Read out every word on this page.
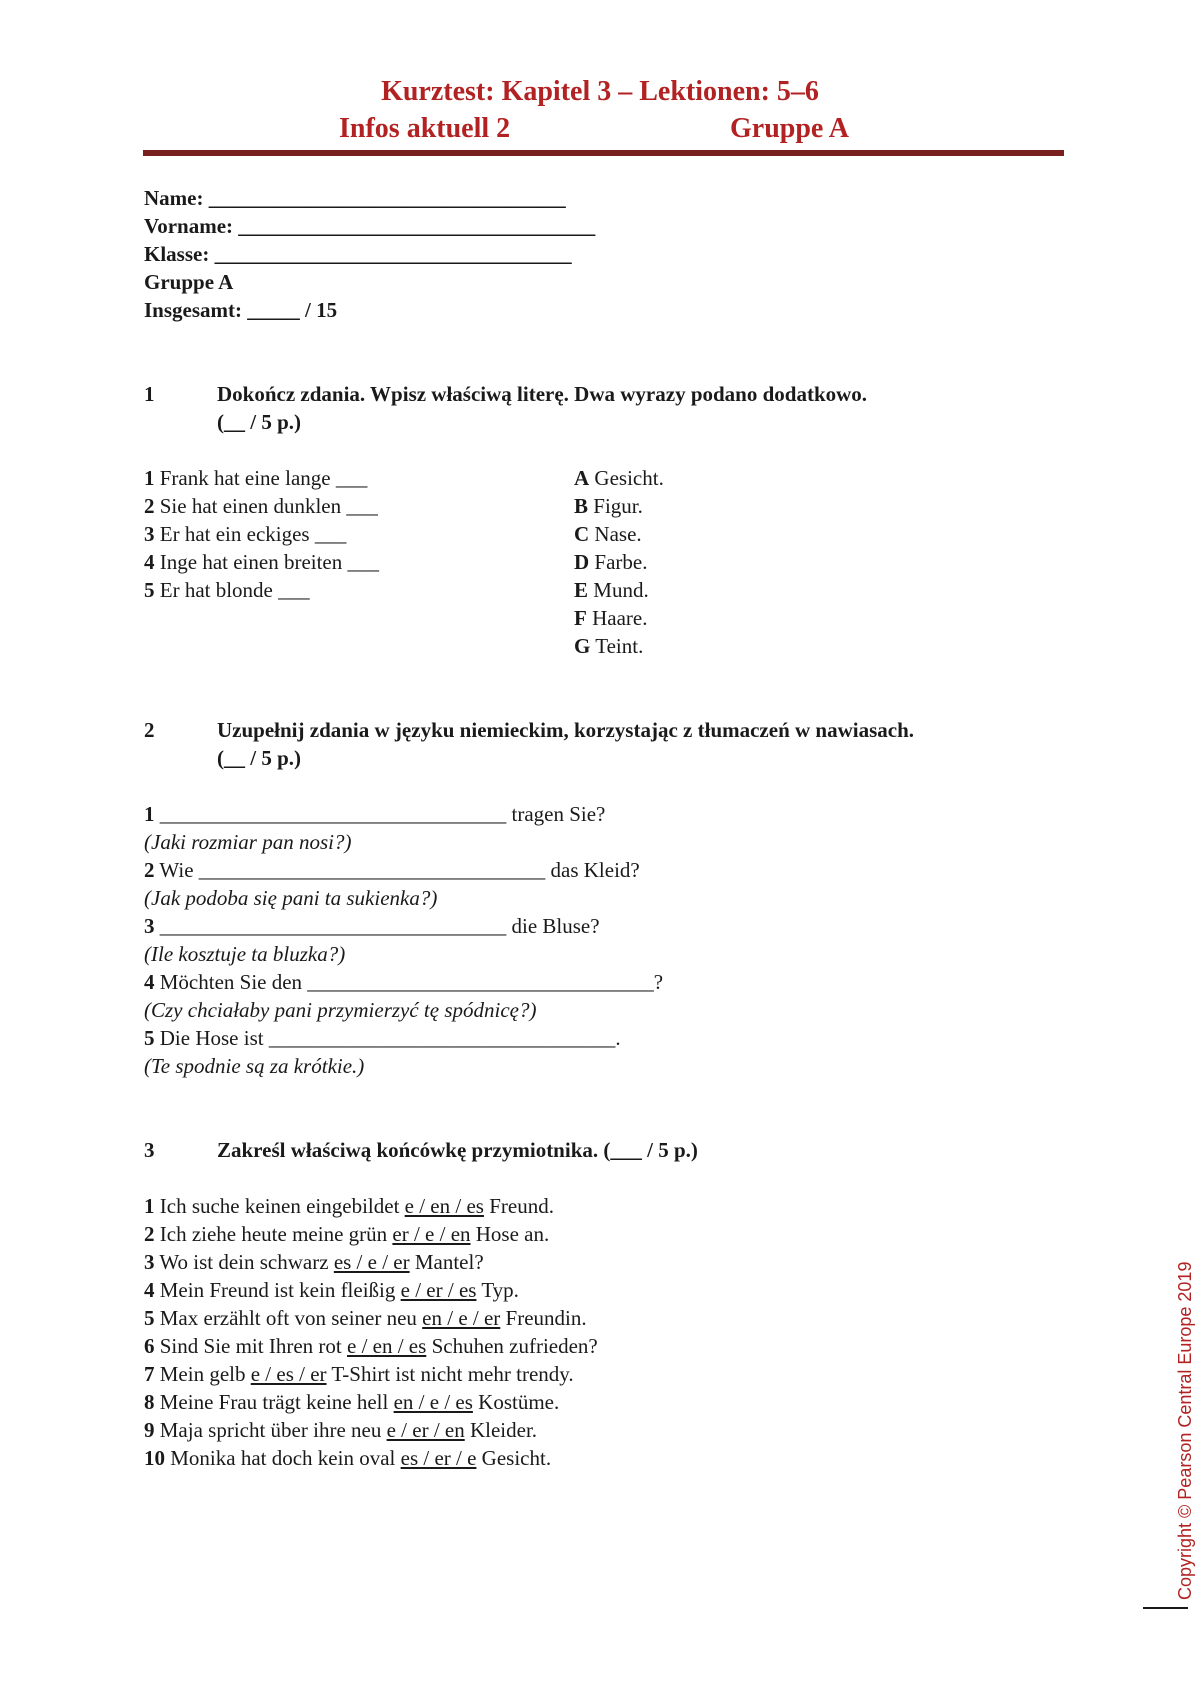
Kurztest: Kapitel 3 – Lektionen: 5–6
Infos aktuell 2	Gruppe A
Name: __________________________________
Vorname: __________________________________
Klasse: __________________________________
Gruppe A
Insgesamt: _____ / 15
1	Dokończ zdania. Wpisz właściwą literę. Dwa wyrazy podano dodatkowo.
(__ / 5 p.)
1 Frank hat eine lange ___
2 Sie hat einen dunklen ___
3 Er hat ein eckiges ___
4 Inge hat einen breiten ___
5 Er hat blonde ___
A Gesicht.
B Figur.
C Nase.
D Farbe.
E Mund.
F Haare.
G Teint.
2	Uzupełnij zdania w języku niemieckim, korzystając z tłumaczeń w nawiasach.
(__ / 5 p.)
1 _________________________________ tragen Sie?
(Jaki rozmiar pan nosi?)
2 Wie _________________________________ das Kleid?
(Jak podoba się pani ta sukienka?)
3 _________________________________ die Bluse?
(Ile kosztuje ta bluzka?)
4 Möchten Sie den _________________________________?
(Czy chciałaby pani przymierzyć tę spódnicę?)
5 Die Hose ist _________________________________.
(Te spodnie są za krótkie.)
3	Zakreśl właściwą końcówkę przymiotnika. (___ / 5 p.)
1 Ich suche keinen eingebildet e / en / es Freund.
2 Ich ziehe heute meine grün er / e / en Hose an.
3 Wo ist dein schwarz es / e / er Mantel?
4 Mein Freund ist kein fleißig e / er / es Typ.
5 Max erzählt oft von seiner neu en / e / er Freundin.
6 Sind Sie mit Ihren rot e / en / es Schuhen zufrieden?
7 Mein gelb e / es / er T-Shirt ist nicht mehr trendy.
8 Meine Frau trägt keine hell en / e / es Kostüme.
9 Maja spricht über ihre neu e / er / en Kleider.
10 Monika hat doch kein oval es / er / e Gesicht.	Copyright © Pearson Central Europe 2019
